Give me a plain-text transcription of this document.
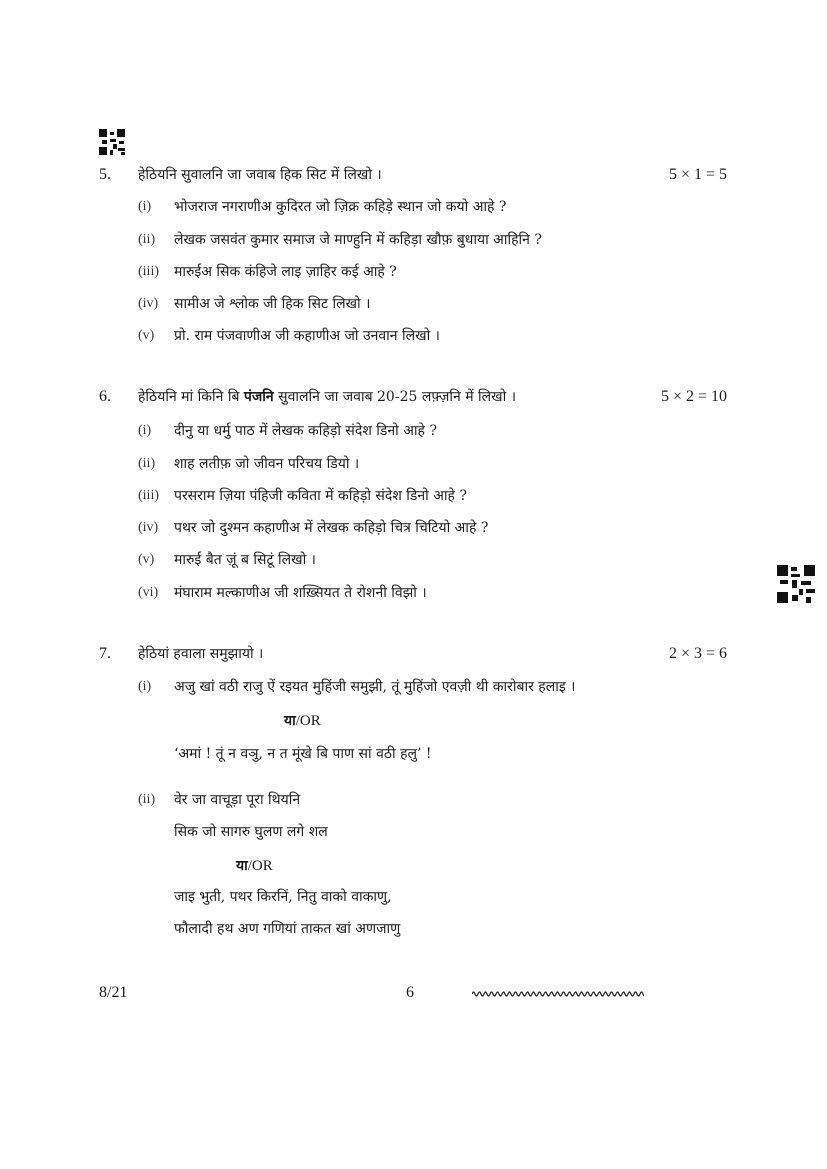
5. हेठियनि सुवालनि जा जवाब हिक सिट में लिखो ।	5 × 1 = 5
(i) भोजराज नगराणीअ कुदिरत जो ज़िक्र कहिड़े स्थान जो कयो आहे ?
(ii) लेखक जसवंत कुमार समाज जे माण्हुनि में कहिड़ा खौफ़ बुधाया आहिनि ?
(iii) मारुईअ सिक कंहिजे लाइ ज़ाहिर कई आहे ?
(iv) सामीअ जे श्लोक जी हिक सिट लिखो ।
(v) प्रो. राम पंजवाणीअ जी कहाणीअ जो उनवान लिखो ।
6. हेठियनि मां किनि बि पंजनि सुवालनि जा जवाब 20-25 लफ़्ज़नि में लिखो ।	5 × 2 = 10
(i) दीनु या धर्मु पाठ में लेखक कहिड़ो संदेश डिनो आहे ?
(ii) शाह लतीफ़ जो जीवन परिचय डियो ।
(iii) परसराम ज़िया पंहिजी कविता में कहिड़ो संदेश डिनो आहे ?
(iv) पथर जो दुश्मन कहाणीअ में लेखक कहिड़ो चित्र चिटियो आहे ?
(v) मारुई बैत ज़ूं ब सिटूं लिखो ।
(vi) मंघाराम मल्काणीअ जी शख़्सियत ते रोशनी विझो ।
7. हेठियां हवाला समुझायो ।	2 × 3 = 6
(i) अजु खां वठी राजु ऐं रइयत मुहिंजी समुझी, तूं मुहिंजो एवज़ी थी कारोबार हलाइ ।
या/OR
‘अमां ! तूं न वञु, न त मूंखे बि पाण सां वठी हलु’ !
(ii) वेर जा वाचूड़ा पूरा थियनि
सिक जो सागरु घुलण लगे शल
या/OR
जाइ भुती, पथर किरनिं, नितु वाको वाकाणु,
फौलादी हथ अण गणियां ताकत खां अणजाणु
8/21	6
